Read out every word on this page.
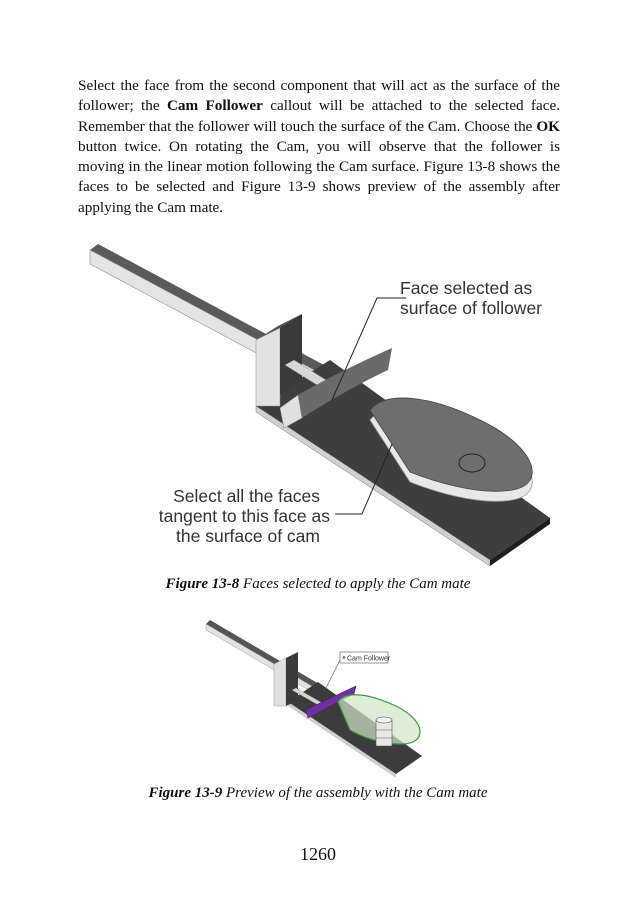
Select the face from the second component that will act as the surface of the follower; the Cam Follower callout will be attached to the selected face. Remember that the follower will touch the surface of the Cam. Choose the OK button twice. On rotating the Cam, you will observe that the follower is moving in the linear motion following the Cam surface. Figure 13-8 shows the faces to be selected and Figure 13-9 shows preview of the assembly after applying the Cam mate.

Face selected as
surface of follower
Select all the faces
tangent to this face as
the surface of cam
Figure 13-8 Faces selected to apply the Cam mate
Cam Follower
Figure 13-9 Preview of the assembly with the Cam mate
1260
